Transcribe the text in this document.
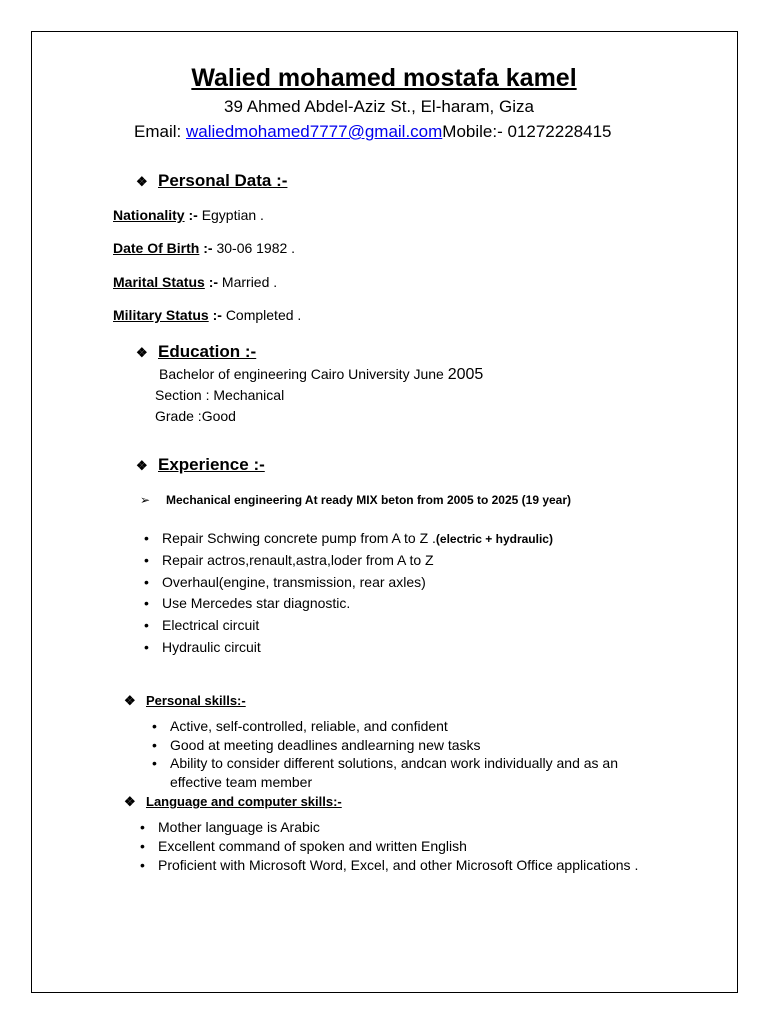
Walied mohamed mostafa kamel
39 Ahmed Abdel-Aziz St., El-haram, Giza
Email: waliedmohamed7777@gmail.comMobile:- 01272228415
❖ Personal Data :-
Nationality :- Egyptian .
Date Of Birth :- 30-06 1982 .
Marital Status :- Married .
Military Status :- Completed .
❖ Education :-
Bachelor of engineering Cairo University June 2005
Section : Mechanical
Grade :Good
❖ Experience :-
➢ Mechanical engineering At ready MIX beton from 2005 to 2025 (19 year)
• Repair Schwing concrete pump from A to Z .(electric + hydraulic)
• Repair actros,renault,astra,loder from A to Z
• Overhaul(engine, transmission, rear axles)
• Use Mercedes star diagnostic.
• Electrical circuit
• Hydraulic circuit
❖ Personal skills:-
• Active, self-controlled, reliable, and confident
• Good at meeting deadlines andlearning new tasks
• Ability to consider different solutions, andcan work individually and as an
effective team member
❖ Language and computer skills:-
• Mother language is Arabic
• Excellent command of spoken and written English
• Proficient with Microsoft Word, Excel, and other Microsoft Office applications .
